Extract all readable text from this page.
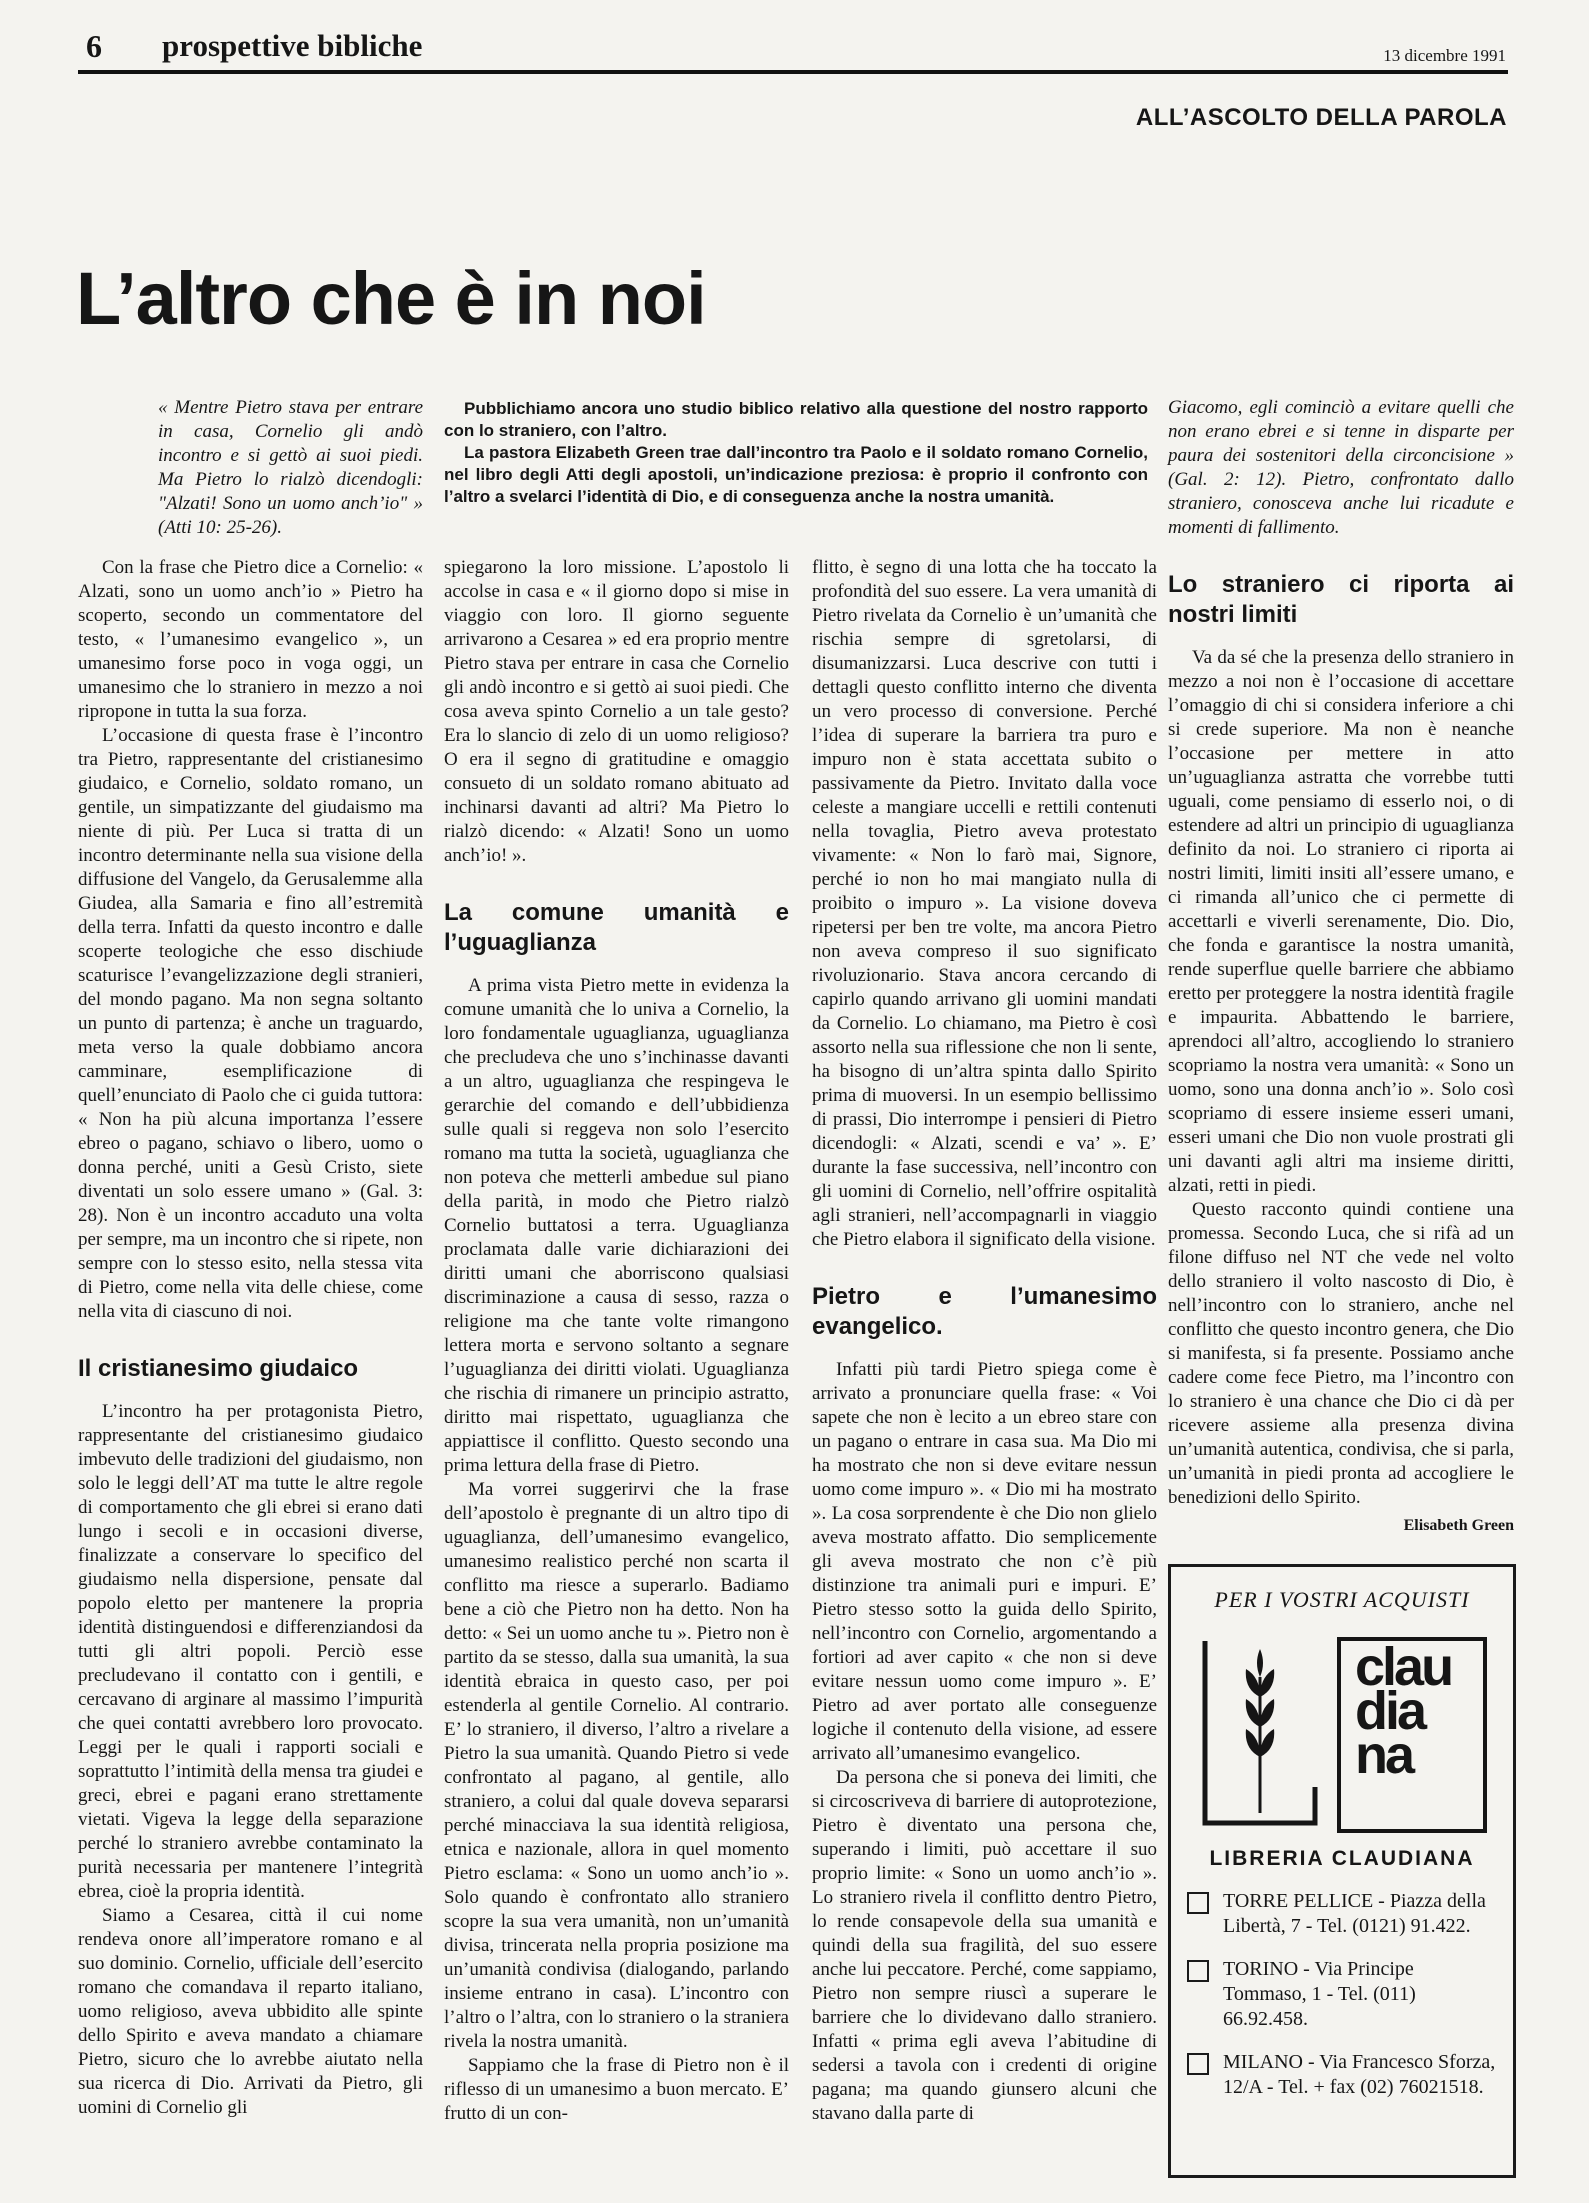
6 prospettive bibliche	13 dicembre 1991
ALL’ASCOLTO DELLA PAROLA
L’altro che è in noi

« Mentre Pietro stava per entrare in casa, Cornelio gli andò incontro e si gettò ai suoi piedi. Ma Pietro lo rialzò dicendogli: "Alzati! Sono un uomo anch’io" » (Atti 10: 25-26).

Con la frase che Pietro dice a Cornelio: « Alzati, sono un uomo anch’io » Pietro ha scoperto, secondo un commentatore del testo, « l’umanesimo evangelico », un umanesimo forse poco in voga oggi, un umanesimo che lo straniero in mezzo a noi ripropone in tutta la sua forza.

L’occasione di questa frase è l’incontro tra Pietro, rappresentante del cristianesimo giudaico, e Cornelio, soldato romano, un gentile, un simpatizzante del giudaismo ma niente di più. Per Luca si tratta di un incontro determinante nella sua visione della diffusione del Vangelo, da Gerusalemme alla Giudea, alla Samaria e fino all’estremità della terra. Infatti da questo incontro e dalle scoperte teologiche che esso dischiude scaturisce l’evangelizzazione degli stranieri, del mondo pagano. Ma non segna soltanto un punto di partenza; è anche un traguardo, meta verso la quale dobbiamo ancora camminare, esemplificazione di quell’enunciato di Paolo che ci guida tuttora: « Non ha più alcuna importanza l’essere ebreo o pagano, schiavo o libero, uomo o donna perché, uniti a Gesù Cristo, siete diventati un solo essere umano » (Gal. 3: 28). Non è un incontro accaduto una volta per sempre, ma un incontro che si ripete, non sempre con lo stesso esito, nella stessa vita di Pietro, come nella vita delle chiese, come nella vita di ciascuno di noi.

Il cristianesimo giudaico

L’incontro ha per protagonista Pietro, rappresentante del cristianesimo giudaico imbevuto delle tradizioni del giudaismo, non solo le leggi dell’AT ma tutte le altre regole di comportamento che gli ebrei si erano dati lungo i secoli e in occasioni diverse, finalizzate a conservare lo specifico del giudaismo nella dispersione, pensate dal popolo eletto per mantenere la propria identità distinguendosi e differenziandosi da tutti gli altri popoli. Perciò esse precludevano il contatto con i gentili, e cercavano di arginare al massimo l’impurità che quei contatti avrebbero loro provocato. Leggi per le quali i rapporti sociali e soprattutto l’intimità della mensa tra giudei e greci, ebrei e pagani erano strettamente vietati. Vigeva la legge della separazione perché lo straniero avrebbe contaminato la purità necessaria per mantenere l’integrità ebrea, cioè la propria identità.

Siamo a Cesarea, città il cui nome rendeva onore all’imperatore romano e al suo dominio. Cornelio, ufficiale dell’esercito romano che comandava il reparto italiano, uomo religioso, aveva ubbidito alle spinte dello Spirito e aveva mandato a chiamare Pietro, sicuro che lo avrebbe aiutato nella sua ricerca di Dio. Arrivati da Pietro, gli uomini di Cornelio gli

Pubblichiamo ancora uno studio biblico relativo alla questione del nostro rapporto con lo straniero, con l’altro.

La pastora Elizabeth Green trae dall’incontro tra Paolo e il soldato romano Cornelio, nel libro degli Atti degli apostoli, un’indicazione preziosa: è proprio il confronto con l’altro a svelarci l’identità di Dio, e di conseguenza anche la nostra umanità.

spiegarono la loro missione. L’apostolo li accolse in casa e « il giorno dopo si mise in viaggio con loro. Il giorno seguente arrivarono a Cesarea » ed era proprio mentre Pietro stava per entrare in casa che Cornelio gli andò incontro e si gettò ai suoi piedi. Che cosa aveva spinto Cornelio a un tale gesto? Era lo slancio di zelo di un uomo religioso? O era il segno di gratitudine e omaggio consueto di un soldato romano abituato ad inchinarsi davanti ad altri? Ma Pietro lo rialzò dicendo: « Alzati! Sono un uomo anch’io! ».

La comune umanità e l’uguaglianza

A prima vista Pietro mette in evidenza la comune umanità che lo univa a Cornelio, la loro fondamentale uguaglianza, uguaglianza che precludeva che uno s’inchinasse davanti a un altro, uguaglianza che respingeva le gerarchie del comando e dell’ubbidienza sulle quali si reggeva non solo l’esercito romano ma tutta la società, uguaglianza che non poteva che metterli ambedue sul piano della parità, in modo che Pietro rialzò Cornelio buttatosi a terra. Uguaglianza proclamata dalle varie dichiarazioni dei diritti umani che aborriscono qualsiasi discriminazione a causa di sesso, razza o religione ma che tante volte rimangono lettera morta e servono soltanto a segnare l’uguaglianza dei diritti violati. Uguaglianza che rischia di rimanere un principio astratto, diritto mai rispettato, uguaglianza che appiattisce il conflitto. Questo secondo una prima lettura della frase di Pietro.

Ma vorrei suggerirvi che la frase dell’apostolo è pregnante di un altro tipo di uguaglianza, dell’umanesimo evangelico, umanesimo realistico perché non scarta il conflitto ma riesce a superarlo. Badiamo bene a ciò che Pietro non ha detto. Non ha detto: « Sei un uomo anche tu ». Pietro non è partito da se stesso, dalla sua umanità, la sua identità ebraica in questo caso, per poi estenderla al gentile Cornelio. Al contrario. E’ lo straniero, il diverso, l’altro a rivelare a Pietro la sua umanità. Quando Pietro si vede confrontato al pagano, al gentile, allo straniero, a colui dal quale doveva separarsi perché minacciava la sua identità religiosa, etnica e nazionale, allora in quel momento Pietro esclama: « Sono un uomo anch’io ». Solo quando è confrontato allo straniero scopre la sua vera umanità, non un’umanità divisa, trincerata nella propria posizione ma un’umanità condivisa (dialogando, parlando insieme entrano in casa). L’incontro con l’altro o l’altra, con lo straniero o la straniera rivela la nostra umanità.

Sappiamo che la frase di Pietro non è il riflesso di un umanesimo a buon mercato. E’ frutto di un con-

flitto, è segno di una lotta che ha toccato la profondità del suo essere. La vera umanità di Pietro rivelata da Cornelio è un’umanità che rischia sempre di sgretolarsi, di disumanizzarsi. Luca descrive con tutti i dettagli questo conflitto interno che diventa un vero processo di conversione. Perché l’idea di superare la barriera tra puro e impuro non è stata accettata subito o passivamente da Pietro. Invitato dalla voce celeste a mangiare uccelli e rettili contenuti nella tovaglia, Pietro aveva protestato vivamente: « Non lo farò mai, Signore, perché io non ho mai mangiato nulla di proibito o impuro ». La visione doveva ripetersi per ben tre volte, ma ancora Pietro non aveva compreso il suo significato rivoluzionario. Stava ancora cercando di capirlo quando arrivano gli uomini mandati da Cornelio. Lo chiamano, ma Pietro è così assorto nella sua riflessione che non li sente, ha bisogno di un’altra spinta dallo Spirito prima di muoversi. In un esempio bellissimo di prassi, Dio interrompe i pensieri di Pietro dicendogli: « Alzati, scendi e va’ ». E’ durante la fase successiva, nell’incontro con gli uomini di Cornelio, nell’offrire ospitalità agli stranieri, nell’accompagnarli in viaggio che Pietro elabora il significato della visione.

Pietro e l’umanesimo evangelico.

Infatti più tardi Pietro spiega come è arrivato a pronunciare quella frase: « Voi sapete che non è lecito a un ebreo stare con un pagano o entrare in casa sua. Ma Dio mi ha mostrato che non si deve evitare nessun uomo come impuro ». « Dio mi ha mostrato ». La cosa sorprendente è che Dio non glielo aveva mostrato affatto. Dio semplicemente gli aveva mostrato che non c’è più distinzione tra animali puri e impuri. E’ Pietro stesso sotto la guida dello Spirito, nell’incontro con Cornelio, argomentando a fortiori ad aver capito « che non si deve evitare nessun uomo come impuro ». E’ Pietro ad aver portato alle conseguenze logiche il contenuto della visione, ad essere arrivato all’umanesimo evangelico.

Da persona che si poneva dei limiti, che si circoscriveva di barriere di autoprotezione, Pietro è diventato una persona che, superando i limiti, può accettare il suo proprio limite: « Sono un uomo anch’io ». Lo straniero rivela il conflitto dentro Pietro, lo rende consapevole della sua umanità e quindi della sua fragilità, del suo essere anche lui peccatore. Perché, come sappiamo, Pietro non sempre riuscì a superare le barriere che lo dividevano dallo straniero. Infatti « prima egli aveva l’abitudine di sedersi a tavola con i credenti di origine pagana; ma quando giunsero alcuni che stavano dalla parte di

Giacomo, egli cominciò a evitare quelli che non erano ebrei e si tenne in disparte per paura dei sostenitori della circoncisione » (Gal. 2: 12). Pietro, confrontato dallo straniero, conosceva anche lui ricadute e momenti di fallimento.

Lo straniero ci riporta ai nostri limiti

Va da sé che la presenza dello straniero in mezzo a noi non è l’occasione di accettare l’omaggio di chi si considera inferiore a chi si crede superiore. Ma non è neanche l’occasione per mettere in atto un’uguaglianza astratta che vorrebbe tutti uguali, come pensiamo di esserlo noi, o di estendere ad altri un principio di uguaglianza definito da noi. Lo straniero ci riporta ai nostri limiti, limiti insiti all’essere umano, e ci rimanda all’unico che ci permette di accettarli e viverli serenamente, Dio. Dio, che fonda e garantisce la nostra umanità, rende superflue quelle barriere che abbiamo eretto per proteggere la nostra identità fragile e impaurita. Abbattendo le barriere, aprendoci all’altro, accogliendo lo straniero scopriamo la nostra vera umanità: « Sono un uomo, sono una donna anch’io ». Solo così scopriamo di essere insieme esseri umani, esseri umani che Dio non vuole prostrati gli uni davanti agli altri ma insieme diritti, alzati, retti in piedi.

Questo racconto quindi contiene una promessa. Secondo Luca, che si rifà ad un filone diffuso nel NT che vede nel volto dello straniero il volto nascosto di Dio, è nell’incontro con lo straniero, anche nel conflitto che questo incontro genera, che Dio si manifesta, si fa presente. Possiamo anche cadere come fece Pietro, ma l’incontro con lo straniero è una chance che Dio ci dà per ricevere assieme alla presenza divina un’umanità autentica, condivisa, che si parla, un’umanità in piedi pronta ad accogliere le benedizioni dello Spirito.

Elisabeth Green
PER I VOSTRI ACQUISTI
clau
dia
na
LIBRERIA CLAUDIANA
TORRE PELLICE - Piazza della Libertà, 7 - Tel. (0121) 91.422.
TORINO - Via Principe Tommaso, 1 - Tel. (011) 66.92.458.
MILANO - Via Francesco Sforza, 12/A - Tel. + fax (02) 76021518.
